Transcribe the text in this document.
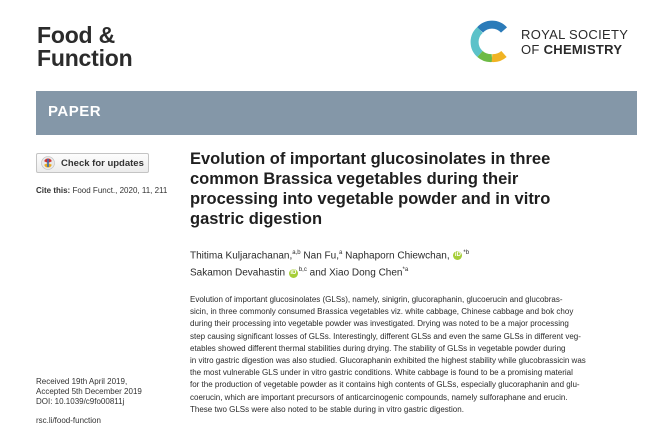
Food &
Function
ROYAL SOCIETY
OF CHEMISTRY
PAPER
Check for updates
Cite this: Food Funct., 2020, 11, 211
Evolution of important glucosinolates in three
common Brassica vegetables during their
processing into vegetable powder and in vitro
gastric digestion
Thitima Kuljarachanan,$^{a,b}$ Nan Fu,$^a$ Naphaporn Chiewchan, iD $^{*b}$
Sakamon Devahastin iD $^{b,c}$ and Xiao Dong Chen$^{*a}$
Evolution of important glucosinolates (GLSs), namely, sinigrin, glucoraphanin, glucoerucin and glucobras-
sicin, in three commonly consumed Brassica vegetables viz. white cabbage, Chinese cabbage and bok choy
during their processing into vegetable powder was investigated. Drying was noted to be a major processing
step causing significant losses of GLSs. Interestingly, different GLSs and even the same GLSs in different veg-
etables showed different thermal stabilities during drying. The stability of GLSs in vegetable powder during
in vitro gastric digestion was also studied. Glucoraphanin exhibited the highest stability while glucobrassicin was
the most vulnerable GLS under in vitro gastric conditions. White cabbage is found to be a promising material
for the production of vegetable powder as it contains high contents of GLSs, especially glucoraphanin and glu-
coerucin, which are important precursors of anticarcinogenic compounds, namely sulforaphane and erucin.
These two GLSs were also noted to be stable during in vitro gastric digestion.
Received 19th April 2019,
Accepted 5th December 2019
DOI: 10.1039/c9fo00811j
rsc.li/food-function
